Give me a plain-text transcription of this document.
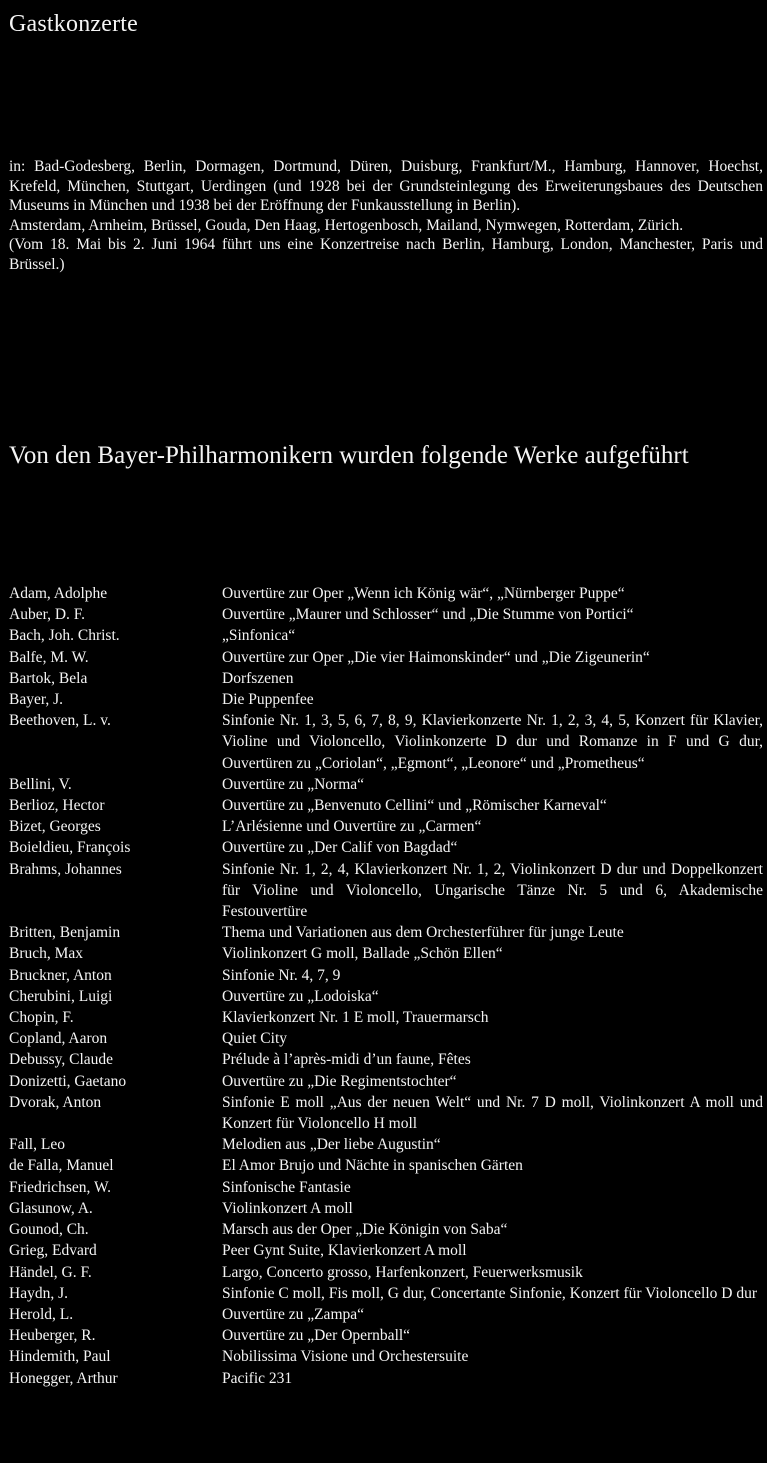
Gastkonzerte

in: Bad-Godesberg, Berlin, Dormagen, Dortmund, Düren, Duisburg, Frankfurt/M., Hamburg, Hannover, Hoechst, Krefeld, München, Stuttgart, Uerdingen (und 1928 bei der Grundsteinlegung des Erweiterungsbaues des Deutschen Museums in München und 1938 bei der Eröffnung der Funkausstellung in Berlin).

Amsterdam, Arnheim, Brüssel, Gouda, Den Haag, Hertogenbosch, Mailand, Nymwegen, Rotterdam, Zürich.

(Vom 18. Mai bis 2. Juni 1964 führt uns eine Konzertreise nach Berlin, Hamburg, London, Manchester, Paris und Brüssel.)

Von den Bayer-Philharmonikern wurden folgende Werke aufgeführt
Adam, Adolphe	Ouvertüre zur Oper „Wenn ich König wär“, „Nürnberger Puppe“
Auber, D. F.	Ouvertüre „Maurer und Schlosser“ und „Die Stumme von Portici“
Bach, Joh. Christ.	„Sinfonica“
Balfe, M. W.	Ouvertüre zur Oper „Die vier Haimonskinder“ und „Die Zigeunerin“
Bartok, Bela	Dorfszenen
Bayer, J.	Die Puppenfee
Beethoven, L. v.	Sinfonie Nr. 1, 3, 5, 6, 7, 8, 9, Klavierkonzerte Nr. 1, 2, 3, 4, 5, Konzert für Klavier, Violine und Violoncello, Violinkonzerte D dur und Romanze in F und G dur, Ouvertüren zu „Coriolan“, „Egmont“, „Leonore“ und „Prometheus“
Bellini, V.	Ouvertüre zu „Norma“
Berlioz, Hector	Ouvertüre zu „Benvenuto Cellini“ und „Römischer Karneval“
Bizet, Georges	L’Arlésienne und Ouvertüre zu „Carmen“
Boieldieu, François	Ouvertüre zu „Der Calif von Bagdad“
Brahms, Johannes	Sinfonie Nr. 1, 2, 4, Klavierkonzert Nr. 1, 2, Violinkonzert D dur und Doppelkonzert für Violine und Violoncello, Ungarische Tänze Nr. 5 und 6, Akademische Festouvertüre
Britten, Benjamin	Thema und Variationen aus dem Orchesterführer für junge Leute
Bruch, Max	Violinkonzert G moll, Ballade „Schön Ellen“
Bruckner, Anton	Sinfonie Nr. 4, 7, 9
Cherubini, Luigi	Ouvertüre zu „Lodoiska“
Chopin, F.	Klavierkonzert Nr. 1 E moll, Trauermarsch
Copland, Aaron	Quiet City
Debussy, Claude	Prélude à l’après-midi d’un faune, Fêtes
Donizetti, Gaetano	Ouvertüre zu „Die Regimentstochter“
Dvorak, Anton	Sinfonie E moll „Aus der neuen Welt“ und Nr. 7 D moll, Violinkonzert A moll und Konzert für Violoncello H moll
Fall, Leo	Melodien aus „Der liebe Augustin“
de Falla, Manuel	El Amor Brujo und Nächte in spanischen Gärten
Friedrichsen, W.	Sinfonische Fantasie
Glasunow, A.	Violinkonzert A moll
Gounod, Ch.	Marsch aus der Oper „Die Königin von Saba“
Grieg, Edvard	Peer Gynt Suite, Klavierkonzert A moll
Händel, G. F.	Largo, Concerto grosso, Harfenkonzert, Feuerwerksmusik
Haydn, J.	Sinfonie C moll, Fis moll, G dur, Concertante Sinfonie, Konzert für Violoncello D dur
Herold, L.	Ouvertüre zu „Zampa“
Heuberger, R.	Ouvertüre zu „Der Opernball“
Hindemith, Paul	Nobilissima Visione und Orchestersuite
Honegger, Arthur	Pacific 231
